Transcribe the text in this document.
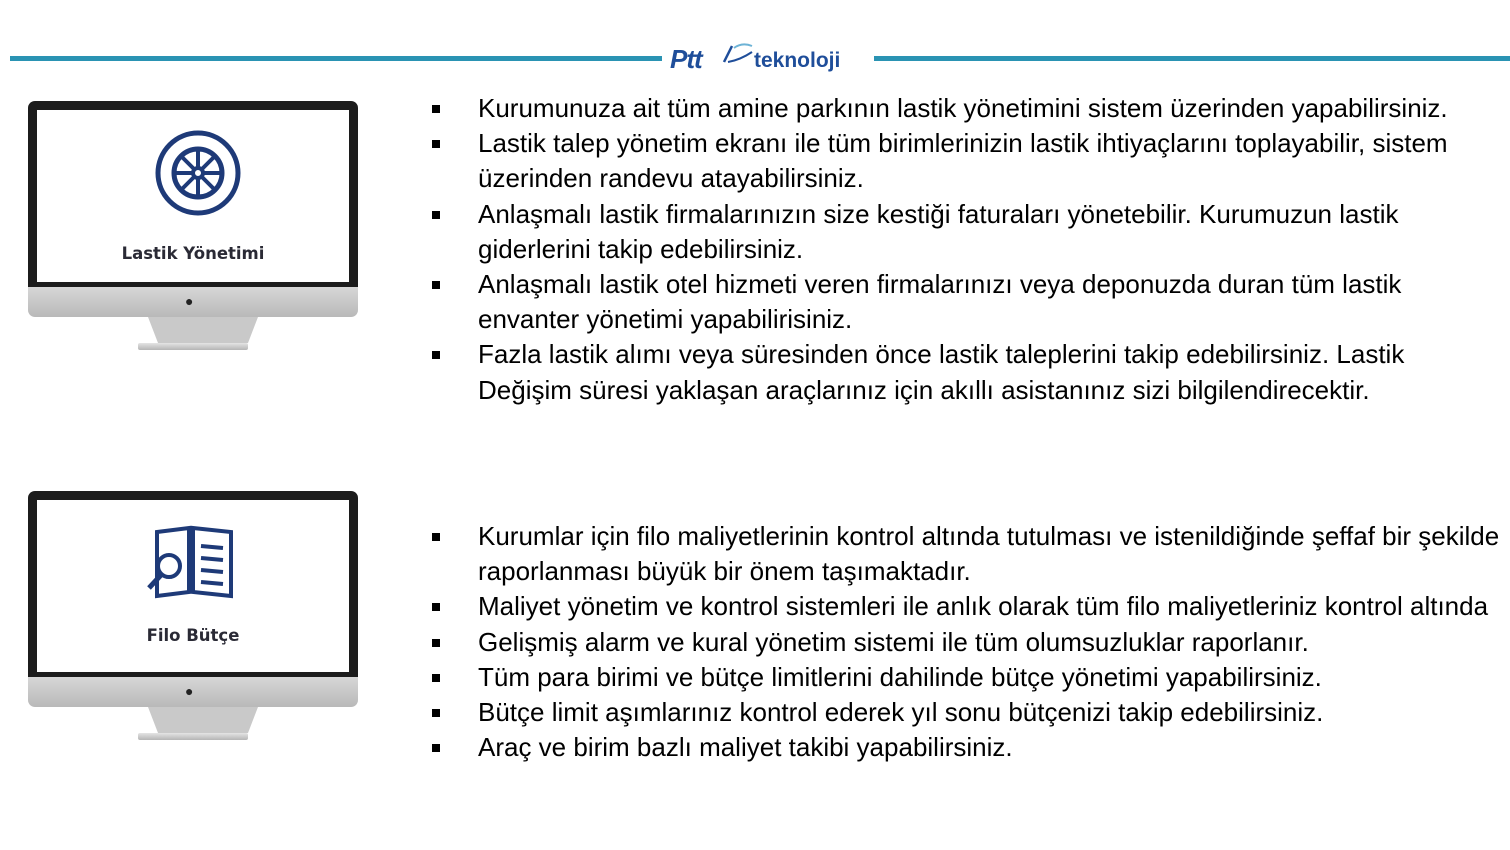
Ptt teknoloji
Lastik Yönetimi
●
Filo Bütçe
●
Kurumunuza ait tüm amine parkının lastik yönetimini sistem üzerinden yapabilirsiniz.
Lastik talep yönetim ekranı ile tüm birimlerinizin lastik ihtiyaçlarını toplayabilir, sistem üzerinden randevu atayabilirsiniz.
Anlaşmalı lastik firmalarınızın size kestiği faturaları yönetebilir. Kurumuzun lastik giderlerini takip edebilirsiniz.
Anlaşmalı lastik otel hizmeti veren firmalarınızı veya deponuzda duran tüm lastik envanter yönetimi yapabilirisiniz.
Fazla lastik alımı veya süresinden önce lastik taleplerini takip edebilirsiniz. Lastik Değişim süresi yaklaşan araçlarınız için akıllı asistanınız sizi bilgilendirecektir.
Kurumlar için filo maliyetlerinin kontrol altında tutulması ve istenildiğinde şeffaf bir şekilde raporlanması büyük bir önem taşımaktadır.
Maliyet yönetim ve kontrol sistemleri ile anlık olarak tüm filo maliyetleriniz kontrol altında
Gelişmiş alarm ve kural yönetim sistemi ile tüm olumsuzluklar raporlanır.
Tüm para birimi ve bütçe limitlerini dahilinde bütçe yönetimi yapabilirsiniz.
Bütçe limit aşımlarınız kontrol ederek yıl sonu bütçenizi takip edebilirsiniz.
Araç ve birim bazlı maliyet takibi yapabilirsiniz.
